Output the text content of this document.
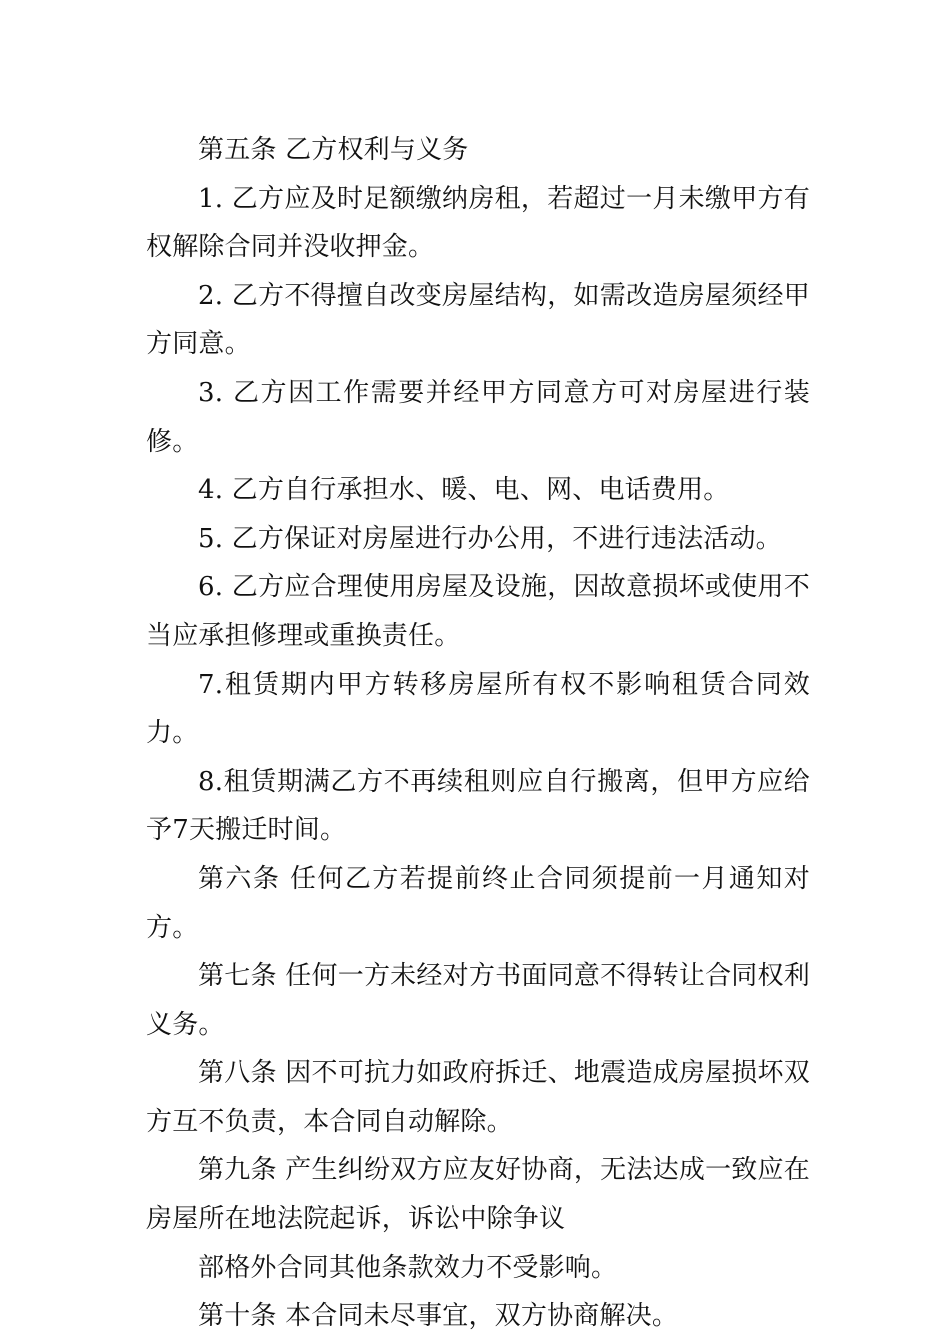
第五条 乙方权利与义务

1. 乙方应及时足额缴纳房租，若超过一月未缴甲方有权解除合同并没收押金。

2. 乙方不得擅自改变房屋结构，如需改造房屋须经甲方同意。

3. 乙方因工作需要并经甲方同意方可对房屋进行装修。

4. 乙方自行承担水、暖、电、网、电话费用。

5. 乙方保证对房屋进行办公用，不进行违法活动。

6. 乙方应合理使用房屋及设施，因故意损坏或使用不当应承担修理或重换责任。

7.租赁期内甲方转移房屋所有权不影响租赁合同效力。

8.租赁期满乙方不再续租则应自行搬离，但甲方应给予7天搬迁时间。

第六条 任何乙方若提前终止合同须提前一月通知对方。

第七条 任何一方未经对方书面同意不得转让合同权利义务。

第八条 因不可抗力如政府拆迁、地震造成房屋损坏双方互不负责，本合同自动解除。

第九条 产生纠纷双方应友好协商，无法达成一致应在房屋所在地法院起诉，诉讼中除争议

部格外合同其他条款效力不受影响。

第十条 本合同未尽事宜，双方协商解决。
